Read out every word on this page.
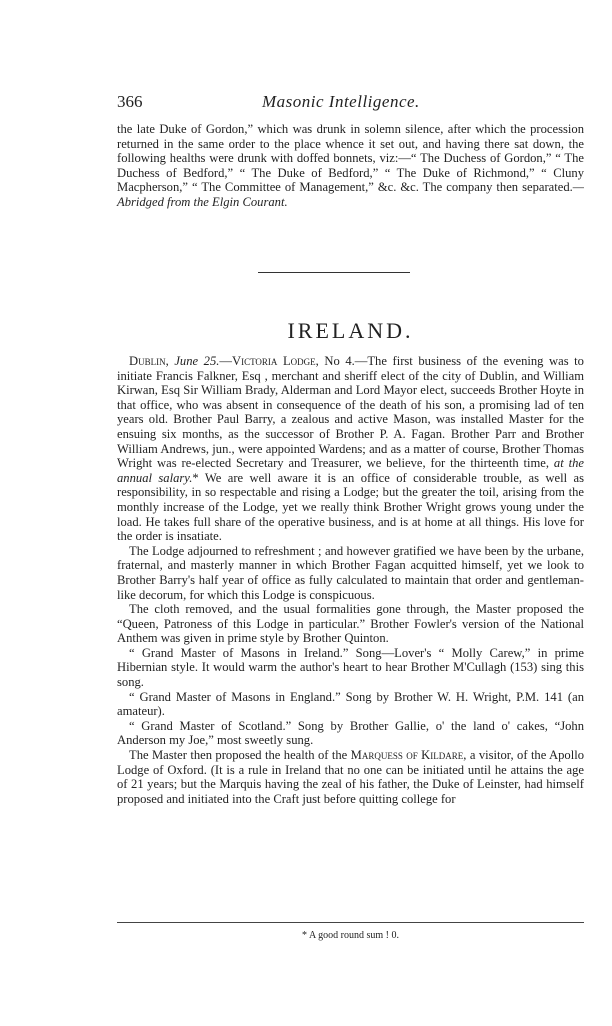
366	Masonic Intelligence.

the late Duke of Gordon,” which was drunk in solemn silence, after which the procession returned in the same order to the place whence it set out, and having there sat down, the following healths were drunk with doffed bonnets, viz:—“ The Duchess of Gordon,” “ The Duchess of Bedford,” “ The Duke of Bedford,” “ The Duke of Richmond,” “ Cluny Macpherson,” “ The Committee of Management,” &c. &c. The company then separated.—Abridged from the Elgin Courant.

IRELAND.

Dublin, June 25.—Victoria Lodge, No 4.—The first business of the evening was to initiate Francis Falkner, Esq , merchant and sheriff elect of the city of Dublin, and William Kirwan, Esq Sir William Brady, Alderman and Lord Mayor elect, succeeds Brother Hoyte in that office, who was absent in consequence of the death of his son, a promising lad of ten years old. Brother Paul Barry, a zealous and active Mason, was installed Master for the ensuing six months, as the successor of Brother P. A. Fagan. Brother Parr and Brother William Andrews, jun., were appointed Wardens; and as a matter of course, Brother Thomas Wright was re-elected Secretary and Treasurer, we believe, for the thirteenth time, at the annual salary.* We are well aware it is an office of considerable trouble, as well as responsibility, in so respectable and rising a Lodge; but the greater the toil, arising from the monthly increase of the Lodge, yet we really think Brother Wright grows young under the load. He takes full share of the operative business, and is at home at all things. His love for the order is insatiate.

The Lodge adjourned to refreshment ; and however gratified we have been by the urbane, fraternal, and masterly manner in which Brother Fagan acquitted himself, yet we look to Brother Barry's half year of office as fully calculated to maintain that order and gentleman-like decorum, for which this Lodge is conspicuous.

The cloth removed, and the usual formalities gone through, the Master proposed the “Queen, Patroness of this Lodge in particular.” Brother Fowler's version of the National Anthem was given in prime style by Brother Quinton.

“ Grand Master of Masons in Ireland.” Song—Lover's “ Molly Carew,” in prime Hibernian style. It would warm the author's heart to hear Brother M'Cullagh (153) sing this song.

“ Grand Master of Masons in England.” Song by Brother W. H. Wright, P.M. 141 (an amateur).

“ Grand Master of Scotland.” Song by Brother Gallie, o' the land o' cakes, “John Anderson my Joe,” most sweetly sung.

The Master then proposed the health of the Marquess of Kildare, a visitor, of the Apollo Lodge of Oxford. (It is a rule in Ireland that no one can be initiated until he attains the age of 21 years; but the Marquis having the zeal of his father, the Duke of Leinster, had himself proposed and initiated into the Craft just before quitting college for

* A good round sum ! 0.
